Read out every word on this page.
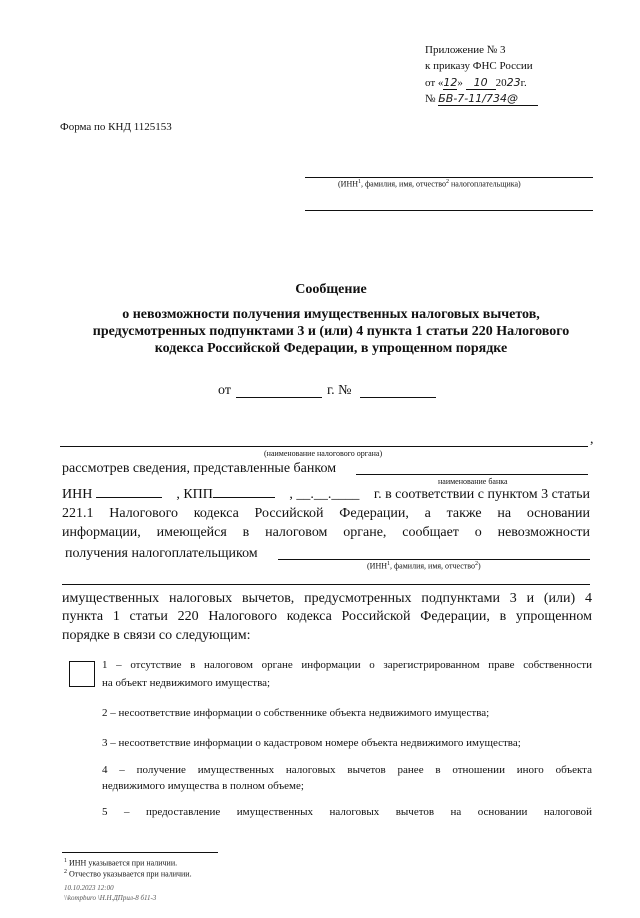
Приложение № 3
к приказу ФНС России
от «12» 10 2023г.
№ БВ-7-11/734@
Форма по КНД 1125153
(ИНН$^1$, фамилия, имя, отчество$^2$ налогоплательщика)
Сообщение
о невозможности получения имущественных налоговых вычетов,
предусмотренных подпунктами 3 и (или) 4 пункта 1 статьи 220 Налогового
кодекса Российской Федерации, в упрощенном порядке
от	г. №
,
(наименование налогового органа)
рассмотрев сведения, представленные банком
наименование банка
ИНН	, КПП	, __.__.____ г. в соответствии с пунктом 3 статьи
221.1 Налогового кодекса Российской Федерации, а также на основании
информации, имеющейся в налоговом органе, сообщает о невозможности
получения налогоплательщиком
(ИНН$^1$, фамилия, имя, отчество$^2$)
имущественных налоговых вычетов, предусмотренных подпунктами 3 и (или) 4
пункта 1 статьи 220 Налогового кодекса Российской Федерации, в упрощенном
порядке в связи со следующим:
1 – отсутствие в налоговом органе информации о зарегистрированном праве собственности
на объект недвижимого имущества;
2 – несоответствие информации о собственнике объекта недвижимого имущества;
3 – несоответствие информации о кадастровом номере объекта недвижимого имущества;
4 – получение имущественных налоговых вычетов ранее в отношении иного объекта
недвижимого имущества в полном объеме;
5 – предоставление имущественных налоговых вычетов на основании налоговой
$^1$ ИНН указывается при наличии.
$^2$ Отчество указывается при наличии.
10.10.2023 12:00
\\kompburo \H.Н.ДПрил-8 б11-3
